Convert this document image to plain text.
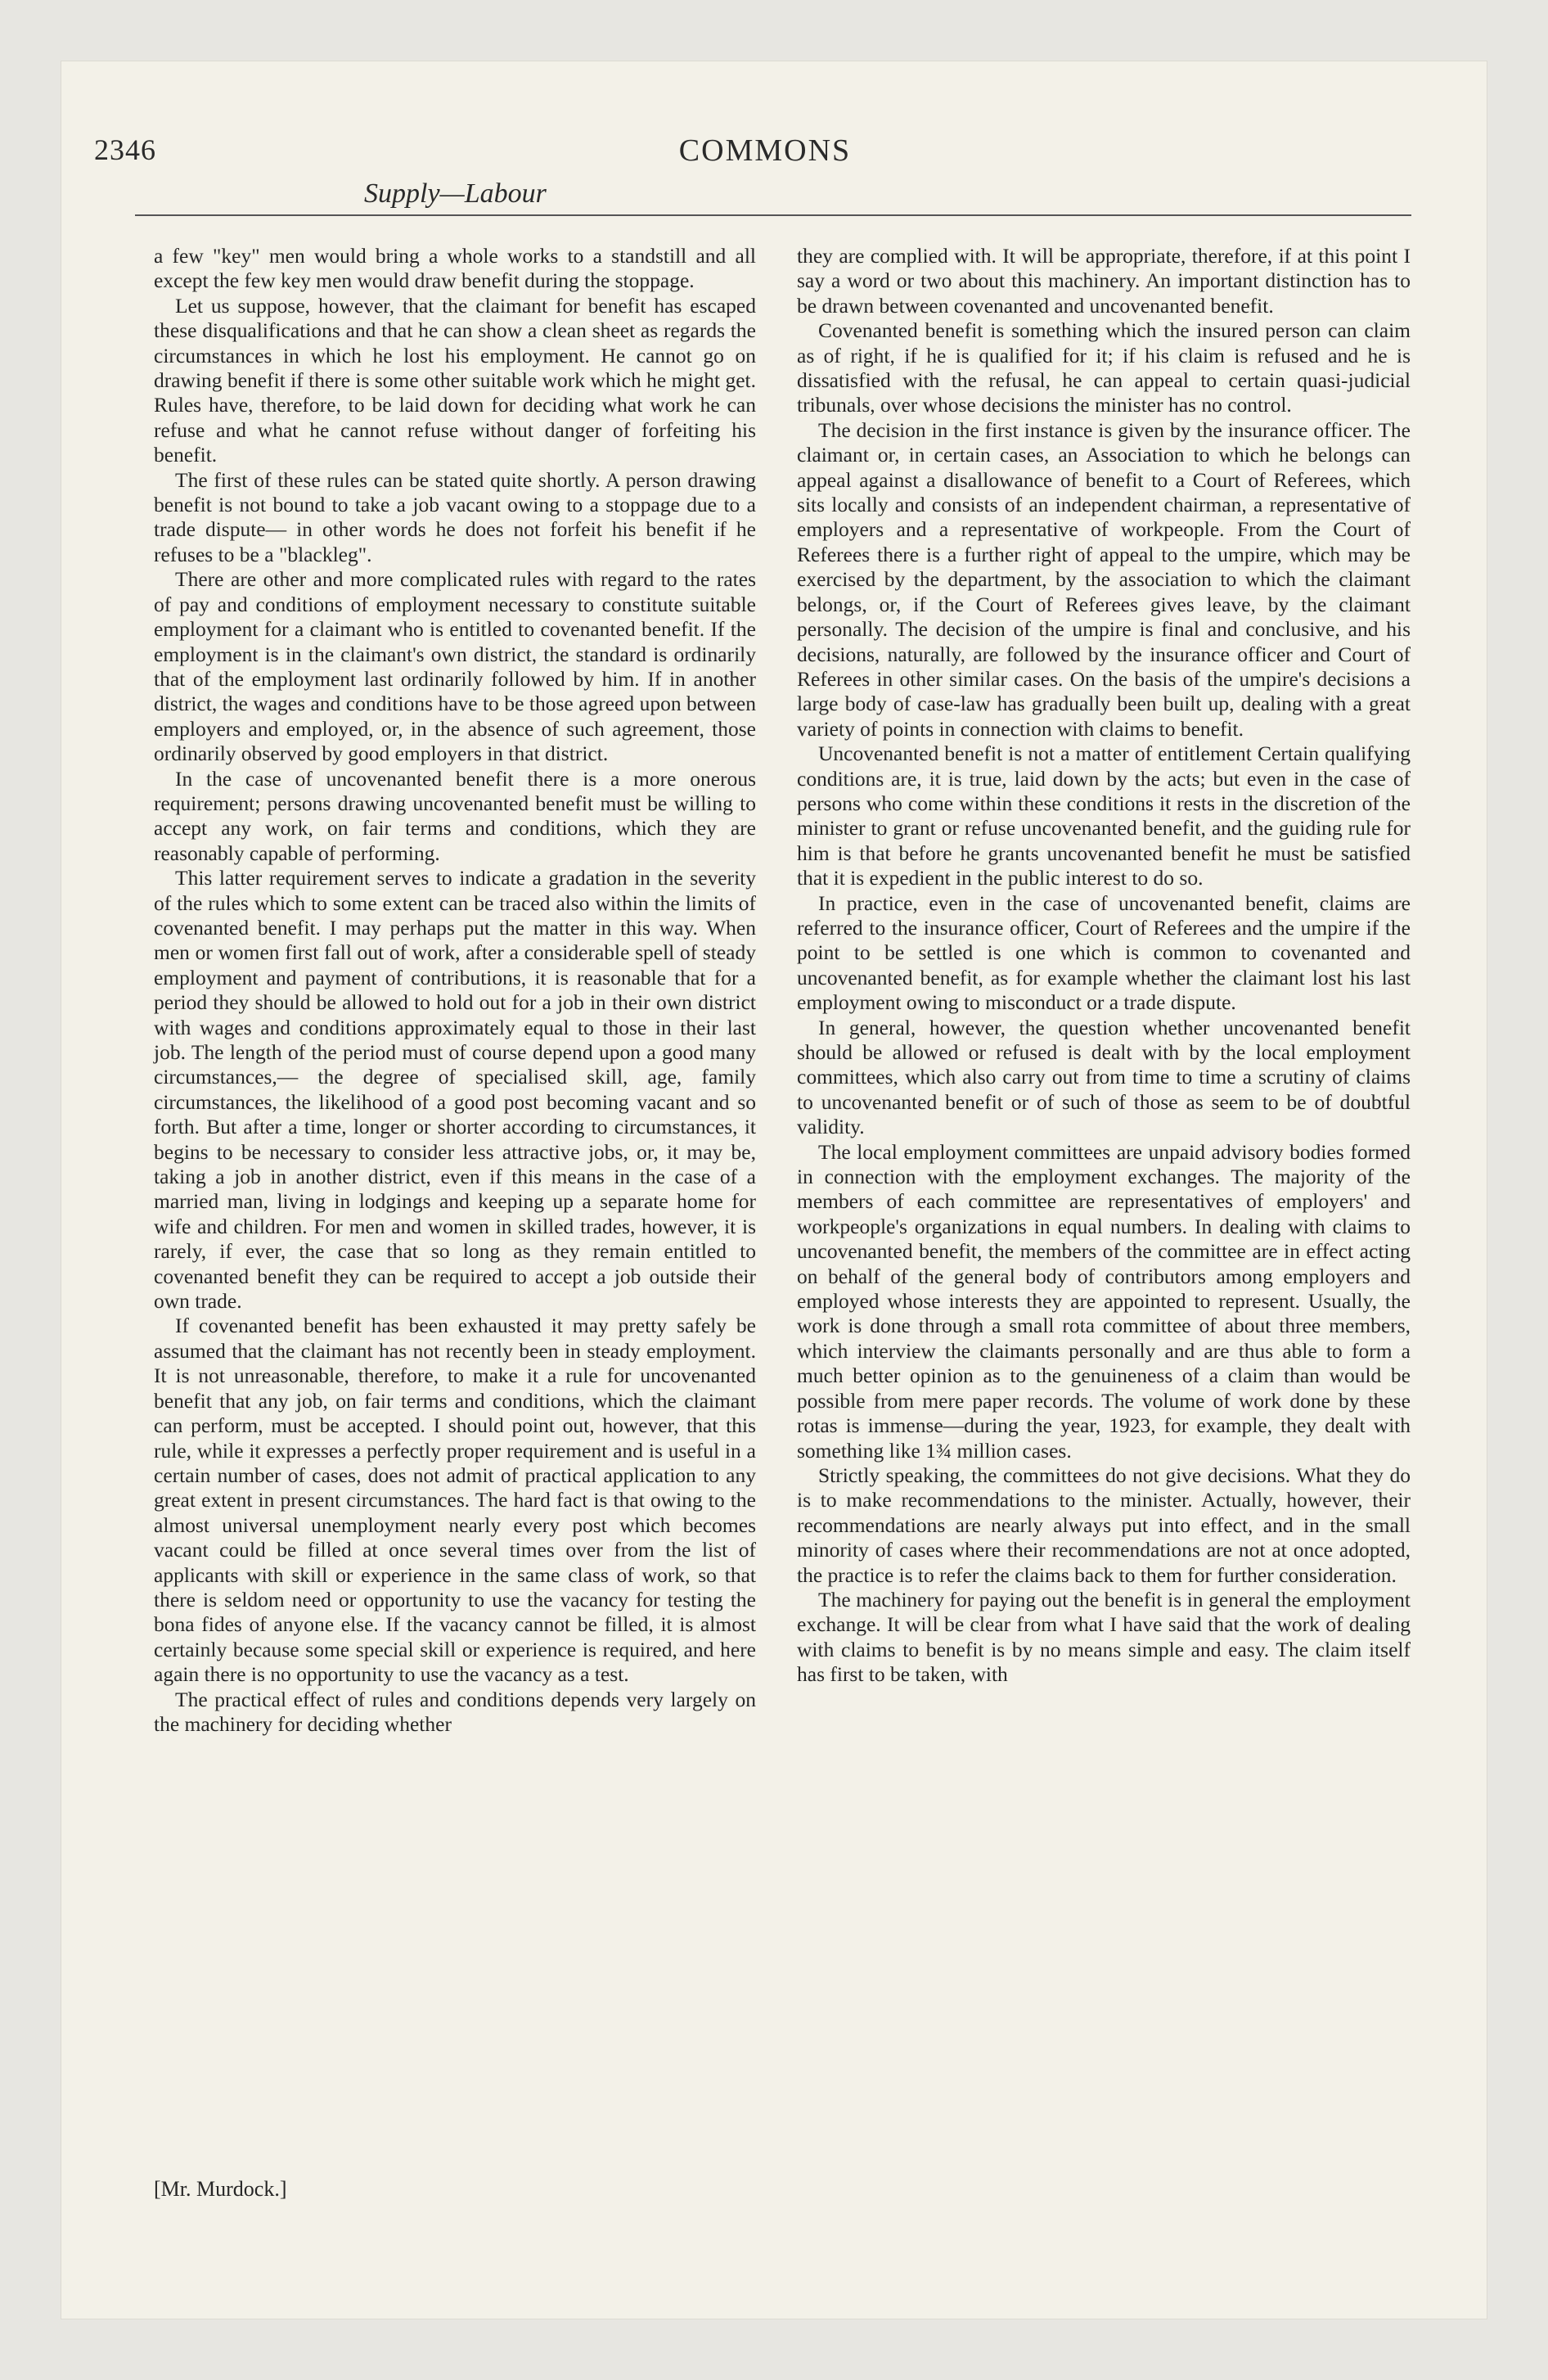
2346	COMMONS
Supply—Labour

a few "key" men would bring a whole works to a standstill and all except the few key men would draw benefit during the stoppage.

Let us suppose, however, that the claimant for benefit has escaped these disqualifications and that he can show a clean sheet as regards the circumstances in which he lost his employment. He cannot go on drawing benefit if there is some other suitable work which he might get. Rules have, therefore, to be laid down for deciding what work he can refuse and what he cannot refuse without danger of forfeiting his benefit.

The first of these rules can be stated quite shortly. A person drawing benefit is not bound to take a job vacant owing to a stoppage due to a trade dispute— in other words he does not forfeit his benefit if he refuses to be a "blackleg".

There are other and more complicated rules with regard to the rates of pay and conditions of employment necessary to constitute suitable employment for a claimant who is entitled to covenanted benefit. If the employment is in the claimant's own district, the standard is ordinarily that of the employment last ordinarily followed by him. If in another district, the wages and conditions have to be those agreed upon between employers and employed, or, in the absence of such agreement, those ordinarily observed by good employers in that district.

In the case of uncovenanted benefit there is a more onerous requirement; persons drawing uncovenanted benefit must be willing to accept any work, on fair terms and conditions, which they are reasonably capable of performing.

This latter requirement serves to indicate a gradation in the severity of the rules which to some extent can be traced also within the limits of covenanted benefit. I may perhaps put the matter in this way. When men or women first fall out of work, after a considerable spell of steady employment and payment of contributions, it is reasonable that for a period they should be allowed to hold out for a job in their own district with wages and conditions approximately equal to those in their last job. The length of the period must of course depend upon a good many circumstances,— the degree of specialised skill, age, family circumstances, the likelihood of a good post becoming vacant and so forth. But after a time, longer or shorter according to circumstances, it begins to be necessary to consider less attractive jobs, or, it may be, taking a job in another district, even if this means in the case of a married man, living in lodgings and keeping up a separate home for wife and children. For men and women in skilled trades, however, it is rarely, if ever, the case that so long as they remain entitled to covenanted benefit they can be required to accept a job outside their own trade.

If covenanted benefit has been exhausted it may pretty safely be assumed that the claimant has not recently been in steady employment. It is not unreasonable, therefore, to make it a rule for uncovenanted benefit that any job, on fair terms and conditions, which the claimant can perform, must be accepted. I should point out, however, that this rule, while it expresses a perfectly proper requirement and is useful in a certain number of cases, does not admit of practical application to any great extent in present circumstances. The hard fact is that owing to the almost universal unemployment nearly every post which becomes vacant could be filled at once several times over from the list of applicants with skill or experience in the same class of work, so that there is seldom need or opportunity to use the vacancy for testing the bona fides of anyone else. If the vacancy cannot be filled, it is almost certainly because some special skill or experience is required, and here again there is no opportunity to use the vacancy as a test.

The practical effect of rules and conditions depends very largely on the machinery for deciding whether

[Mr. Murdock.]

they are complied with. It will be appropriate, therefore, if at this point I say a word or two about this machinery. An important distinction has to be drawn between covenanted and uncovenanted benefit.

Covenanted benefit is something which the insured person can claim as of right, if he is qualified for it; if his claim is refused and he is dissatisfied with the refusal, he can appeal to certain quasi-judicial tribunals, over whose decisions the minister has no control.

The decision in the first instance is given by the insurance officer. The claimant or, in certain cases, an Association to which he belongs can appeal against a disallowance of benefit to a Court of Referees, which sits locally and consists of an independent chairman, a representative of employers and a representative of workpeople. From the Court of Referees there is a further right of appeal to the umpire, which may be exercised by the department, by the association to which the claimant belongs, or, if the Court of Referees gives leave, by the claimant personally. The decision of the umpire is final and conclusive, and his decisions, naturally, are followed by the insurance officer and Court of Referees in other similar cases. On the basis of the umpire's decisions a large body of case-law has gradually been built up, dealing with a great variety of points in connection with claims to benefit.

Uncovenanted benefit is not a matter of entitlement Certain qualifying conditions are, it is true, laid down by the acts; but even in the case of persons who come within these conditions it rests in the discretion of the minister to grant or refuse uncovenanted benefit, and the guiding rule for him is that before he grants uncovenanted benefit he must be satisfied that it is expedient in the public interest to do so.

In practice, even in the case of uncovenanted benefit, claims are referred to the insurance officer, Court of Referees and the umpire if the point to be settled is one which is common to covenanted and uncovenanted benefit, as for example whether the claimant lost his last employment owing to misconduct or a trade dispute.

In general, however, the question whether uncovenanted benefit should be allowed or refused is dealt with by the local employment committees, which also carry out from time to time a scrutiny of claims to uncovenanted benefit or of such of those as seem to be of doubtful validity.

The local employment committees are unpaid advisory bodies formed in connection with the employment exchanges. The majority of the members of each committee are representatives of employers' and workpeople's organizations in equal numbers. In dealing with claims to uncovenanted benefit, the members of the committee are in effect acting on behalf of the general body of contributors among employers and employed whose interests they are appointed to represent. Usually, the work is done through a small rota committee of about three members, which interview the claimants personally and are thus able to form a much better opinion as to the genuineness of a claim than would be possible from mere paper records. The volume of work done by these rotas is immense—during the year, 1923, for example, they dealt with something like 1¾ million cases.

Strictly speaking, the committees do not give decisions. What they do is to make recommendations to the minister. Actually, however, their recommendations are nearly always put into effect, and in the small minority of cases where their recommendations are not at once adopted, the practice is to refer the claims back to them for further consideration.

The machinery for paying out the benefit is in general the employment exchange. It will be clear from what I have said that the work of dealing with claims to benefit is by no means simple and easy. The claim itself has first to be taken, with
